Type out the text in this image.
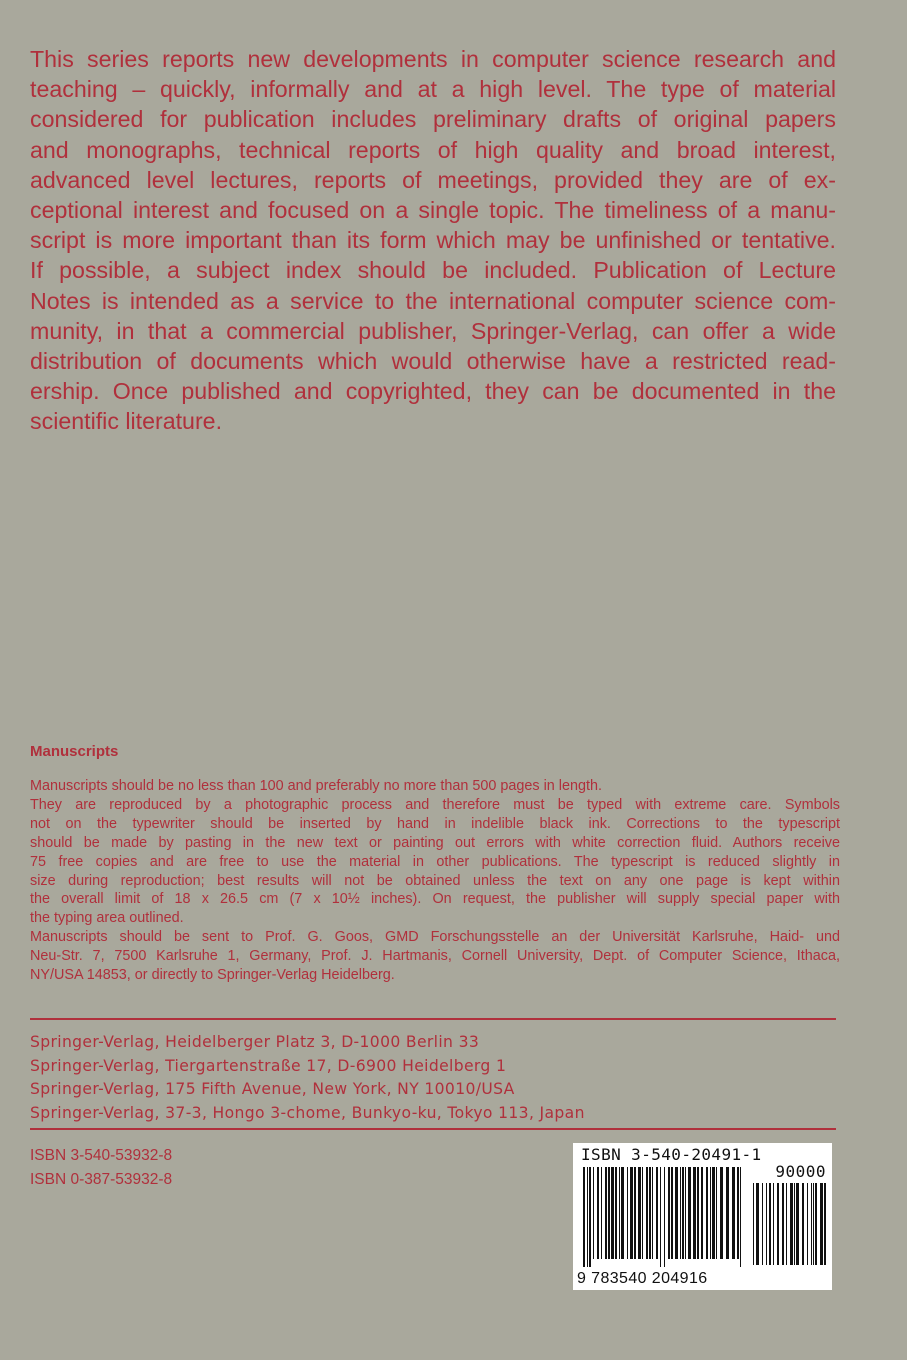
This series reports new developments in computer science research and
teaching – quickly, informally and at a high level. The type of material
considered for publication includes preliminary drafts of original papers
and monographs, technical reports of high quality and broad interest,
advanced level lectures, reports of meetings, provided they are of ex-
ceptional interest and focused on a single topic. The timeliness of a manu-
script is more important than its form which may be unfinished or tentative.
If possible, a subject index should be included. Publication of Lecture
Notes is intended as a service to the international computer science com-
munity, in that a commercial publisher, Springer-Verlag, can offer a wide
distribution of documents which would otherwise have a restricted read-
ership. Once published and copyrighted, they can be documented in the
scientific literature.
Manuscripts
Manuscripts should be no less than 100 and preferably no more than 500 pages in length.
They are reproduced by a photographic process and therefore must be typed with extreme care. Symbols
not on the typewriter should be inserted by hand in indelible black ink. Corrections to the typescript
should be made by pasting in the new text or painting out errors with white correction fluid. Authors receive
75 free copies and are free to use the material in other publications. The typescript is reduced slightly in
size during reproduction; best results will not be obtained unless the text on any one page is kept within
the overall limit of 18 x 26.5 cm (7 x 10½ inches). On request, the publisher will supply special paper with
the typing area outlined.
Manuscripts should be sent to Prof. G. Goos, GMD Forschungsstelle an der Universität Karlsruhe, Haid- und
Neu-Str. 7, 7500 Karlsruhe 1, Germany, Prof. J. Hartmanis, Cornell University, Dept. of Computer Science, Ithaca,
NY/USA 14853, or directly to Springer-Verlag Heidelberg.
Springer-Verlag, Heidelberger Platz 3, D-1000 Berlin 33
Springer-Verlag, Tiergartenstraße 17, D-6900 Heidelberg 1
Springer-Verlag, 175 Fifth Avenue, New York, NY 10010/USA
Springer-Verlag, 37-3, Hongo 3-chome, Bunkyo-ku, Tokyo 113, Japan
ISBN 3-540-53932-8
ISBN 0-387-53932-8
ISBN 3-540-20491-1
90000
9 783540 204916
